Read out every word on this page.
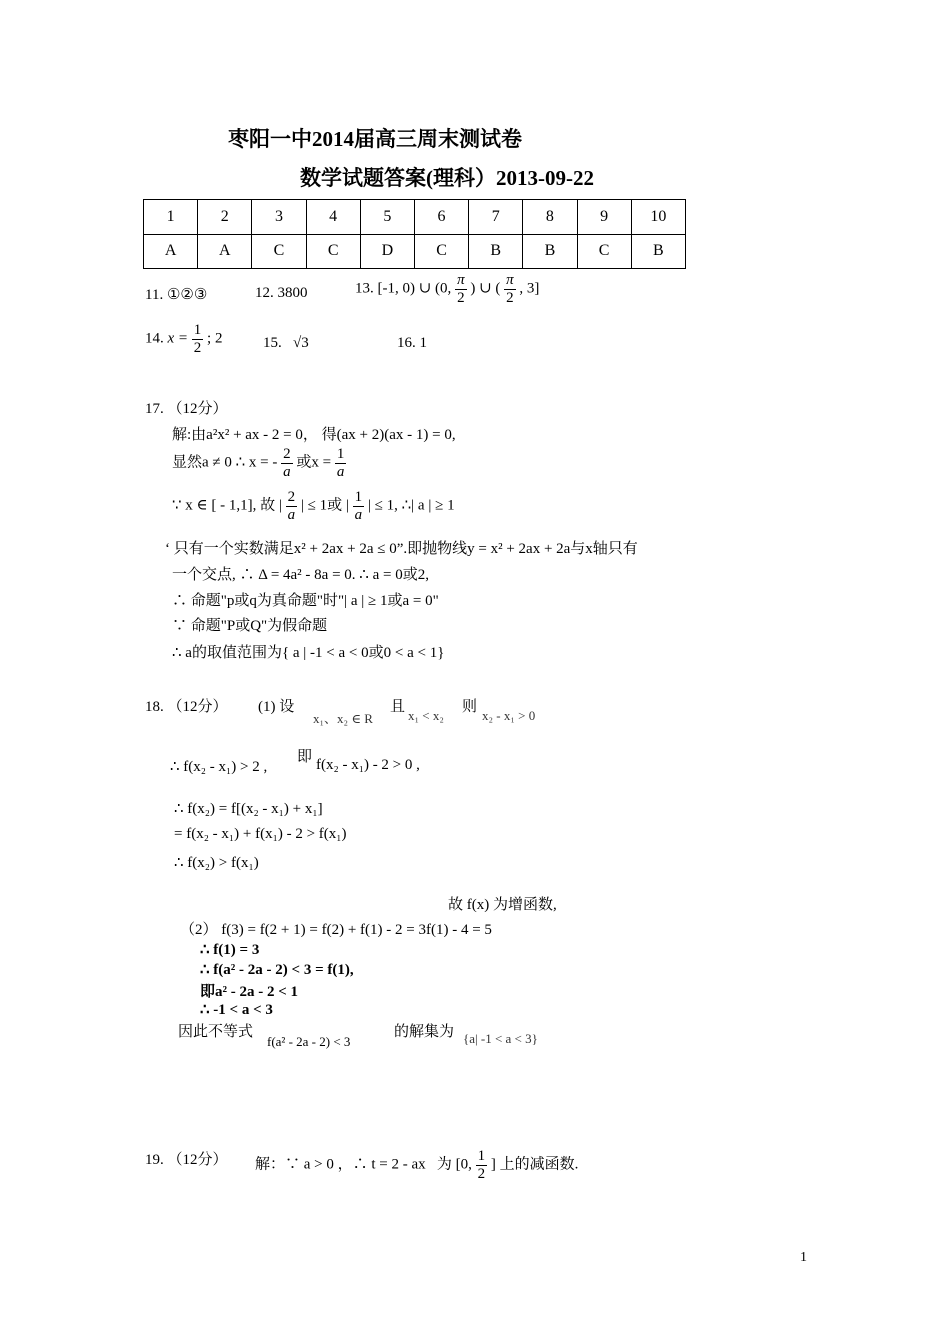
枣阳一中2014届高三周末测试卷
数学试题答案(理科）2013-09-22
1	2	3	4	5	6	7	8	9	10
A	A	C	C	D	C	B	B	C	B
11. ①②③	12. 3800	13. [-1, 0) ∪ (0, $\frac{\pi}{2}$ ) ∪ ( $\frac{\pi}{2}$ , 3]
14. $x = \frac{1}{2}$ ; 2	15. √3	16. 1
17. （12分）
解:由a²x² + ax - 2 = 0， 得(ax + 2)(ax - 1) = 0,
显然a ≠ 0 ∴ x = - $\frac{2}{a}$ 或$x = \frac{1}{a}$
∵ x ∈ [ - 1,1], 故 | $\frac{2}{a}$ | ≤ 1或 | $\frac{1}{a}$ | ≤ 1, ∴| a | ≥ 1
‘ 只有一个实数满足x² + 2ax + 2a ≤ 0”.即抛物线y = x² + 2ax + 2a与x轴只有
一个交点, ∴ Δ = 4a² - 8a = 0. ∴ a = 0或2,
∴ 命题"p或q为真命题"时"| a | ≥ 1或a = 0"
∵ 命题"P或Q"为假命题
∴ a的取值范围为{ a | -1 < a < 0或0 < a < 1}
18. （12分） (1) 设
x₁、x₂ ∈ R
且
x₁ < x₂
则
x₂ - x₁ > 0
∴ f(x₂ - x₁) > 2 ,
即 f(x₂ - x₁) - 2 > 0 ,
∴ f(x₂) = f[(x₂ - x₁) + x₁]
= f(x₂ - x₁) + f(x₁) - 2 > f(x₁)
∴ f(x₂) > f(x₁)
故 f(x) 为增函数,
（2） f(3) = f(2 + 1) = f(2) + f(1) - 2 = 3f(1) - 4 = 5
∴ f(1) = 3
∴ f(a² - 2a - 2) < 3 = f(1),
即a² - 2a - 2 < 1
∴ -1 < a < 3
因此不等式
f(a² - 2a - 2) < 3
的解集为 {a| -1 < a < 3}
19. （12分） 解：∵ a > 0 ，∴ t = 2 - ax 为 [0, $\frac{1}{2}$ ] 上的减函数.
1
